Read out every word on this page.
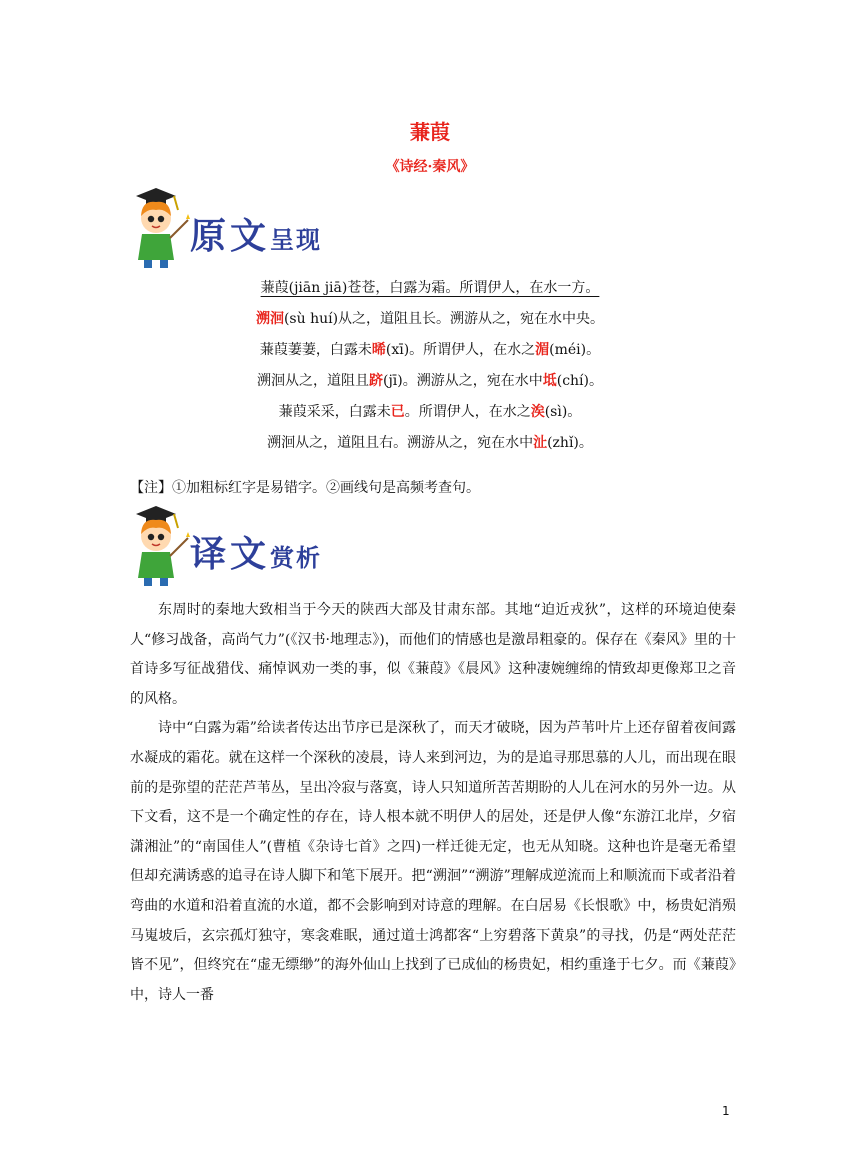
蒹葭
《诗经·秦风》
原文呈现
蒹葭(jiān jiā)苍苍，白露为霜。所谓伊人，在水一方。
溯洄(sù huí)从之，道阻且长。溯游从之，宛在水中央。
蒹葭萋萋，白露未晞(xī)。所谓伊人，在水之湄(méi)。
溯洄从之，道阻且跻(jī)。溯游从之，宛在水中坻(chí)。
蒹葭采采，白露未已。所谓伊人，在水之涘(sì)。
溯洄从之，道阻且右。溯游从之，宛在水中沚(zhǐ)。
【注】①加粗标红字是易错字。②画线句是高频考查句。
译文赏析

东周时的秦地大致相当于今天的陕西大部及甘肃东部。其地“迫近戎狄”，这样的环境迫使秦人“修习战备，高尚气力”(《汉书·地理志》)，而他们的情感也是激昂粗豪的。保存在《秦风》里的十首诗多写征战猎伐、痛悼讽劝一类的事，似《蒹葭》《晨风》这种凄婉缠绵的情致却更像郑卫之音的风格。

诗中“白露为霜”给读者传达出节序已是深秋了，而天才破晓，因为芦苇叶片上还存留着夜间露水凝成的霜花。就在这样一个深秋的凌晨，诗人来到河边，为的是追寻那思慕的人儿，而出现在眼前的是弥望的茫茫芦苇丛，呈出冷寂与落寞，诗人只知道所苦苦期盼的人儿在河水的另外一边。从下文看，这不是一个确定性的存在，诗人根本就不明伊人的居处，还是伊人像“东游江北岸，夕宿潇湘沚”的“南国佳人”(曹植《杂诗七首》之四)一样迁徙无定，也无从知晓。这种也许是毫无希望但却充满诱惑的追寻在诗人脚下和笔下展开。把“溯洄”“溯游”理解成逆流而上和顺流而下或者沿着弯曲的水道和沿着直流的水道，都不会影响到对诗意的理解。在白居易《长恨歌》中，杨贵妃消殒马嵬坡后，玄宗孤灯独守，寒衾难眠，通过道士鸿都客“上穷碧落下黄泉”的寻找，仍是“两处茫茫皆不见”，但终究在“虚无缥缈”的海外仙山上找到了已成仙的杨贵妃，相约重逢于七夕。而《蒹葭》中，诗人一番

1
